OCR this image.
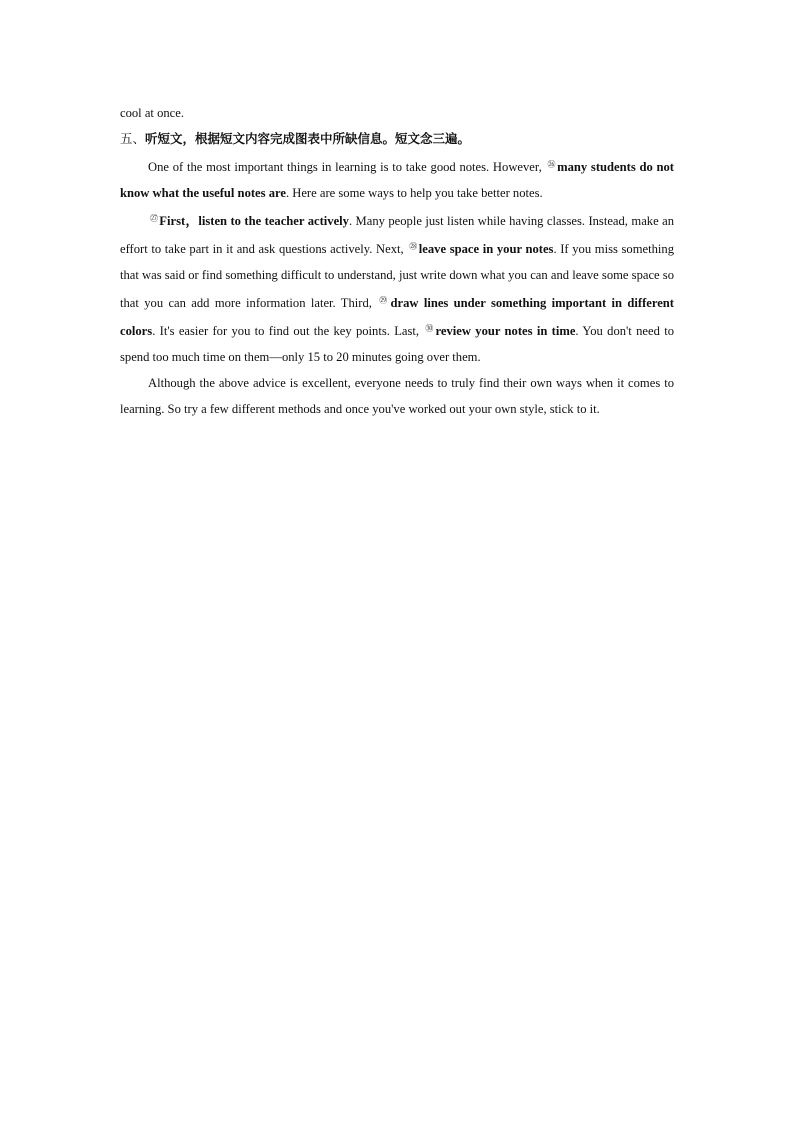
cool at once.

五、听短文，根据短文内容完成图表中所缺信息。短文念三遍。

One of the most important things in learning is to take good notes. However, $^㉖$many students do not know what the useful notes are. Here are some ways to help you take better notes.

$^㉗$First，listen to the teacher actively. Many people just listen while having classes. Instead, make an effort to take part in it and ask questions actively. Next, $^㉘$leave space in your notes. If you miss something that was said or find something difficult to understand, just write down what you can and leave some space so that you can add more information later. Third, $^㉙$draw lines under something important in different colors. It's easier for you to find out the key points. Last, $^㉚$review your notes in time. You don't need to spend too much time on them—only 15 to 20 minutes going over them.

Although the above advice is excellent, everyone needs to truly find their own ways when it comes to learning. So try a few different methods and once you've worked out your own style, stick to it.
